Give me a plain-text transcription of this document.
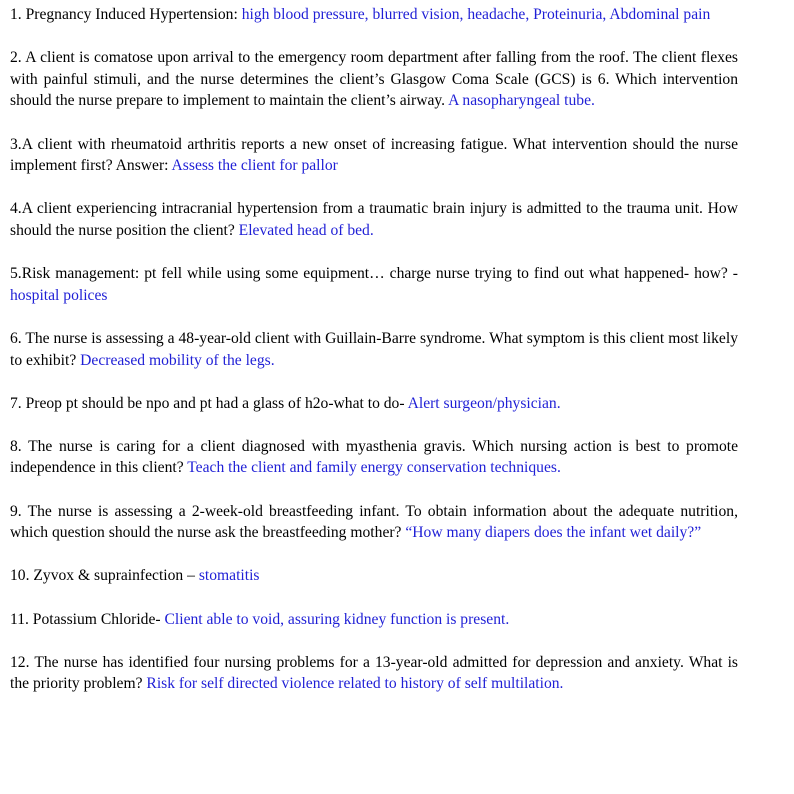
1. Pregnancy Induced Hypertension: high blood pressure, blurred vision, headache, Proteinuria, Abdominal pain

2. A client is comatose upon arrival to the emergency room department after falling from the roof. The client flexes with painful stimuli, and the nurse determines the client’s Glasgow Coma Scale (GCS) is 6. Which intervention should the nurse prepare to implement to maintain the client’s airway. A nasopharyngeal tube.

3.A client with rheumatoid arthritis reports a new onset of increasing fatigue. What intervention should the nurse implement first? Answer: Assess the client for pallor

4.A client experiencing intracranial hypertension from a traumatic brain injury is admitted to the trauma unit. How should the nurse position the client? Elevated head of bed.

5.Risk management: pt fell while using some equipment… charge nurse trying to find out what happened- how? - hospital polices

6. The nurse is assessing a 48-year-old client with Guillain-Barre syndrome. What symptom is this client most likely to exhibit? Decreased mobility of the legs.

7. Preop pt should be npo and pt had a glass of h2o-what to do- Alert surgeon/physician.

8. The nurse is caring for a client diagnosed with myasthenia gravis. Which nursing action is best to promote independence in this client? Teach the client and family energy conservation techniques.

9. The nurse is assessing a 2-week-old breastfeeding infant. To obtain information about the adequate nutrition, which question should the nurse ask the breastfeeding mother? “How many diapers does the infant wet daily?”

10. Zyvox & suprainfection – stomatitis

11. Potassium Chloride- Client able to void, assuring kidney function is present.

12. The nurse has identified four nursing problems for a 13-year-old admitted for depression and anxiety. What is the priority problem? Risk for self directed violence related to history of self multilation.
